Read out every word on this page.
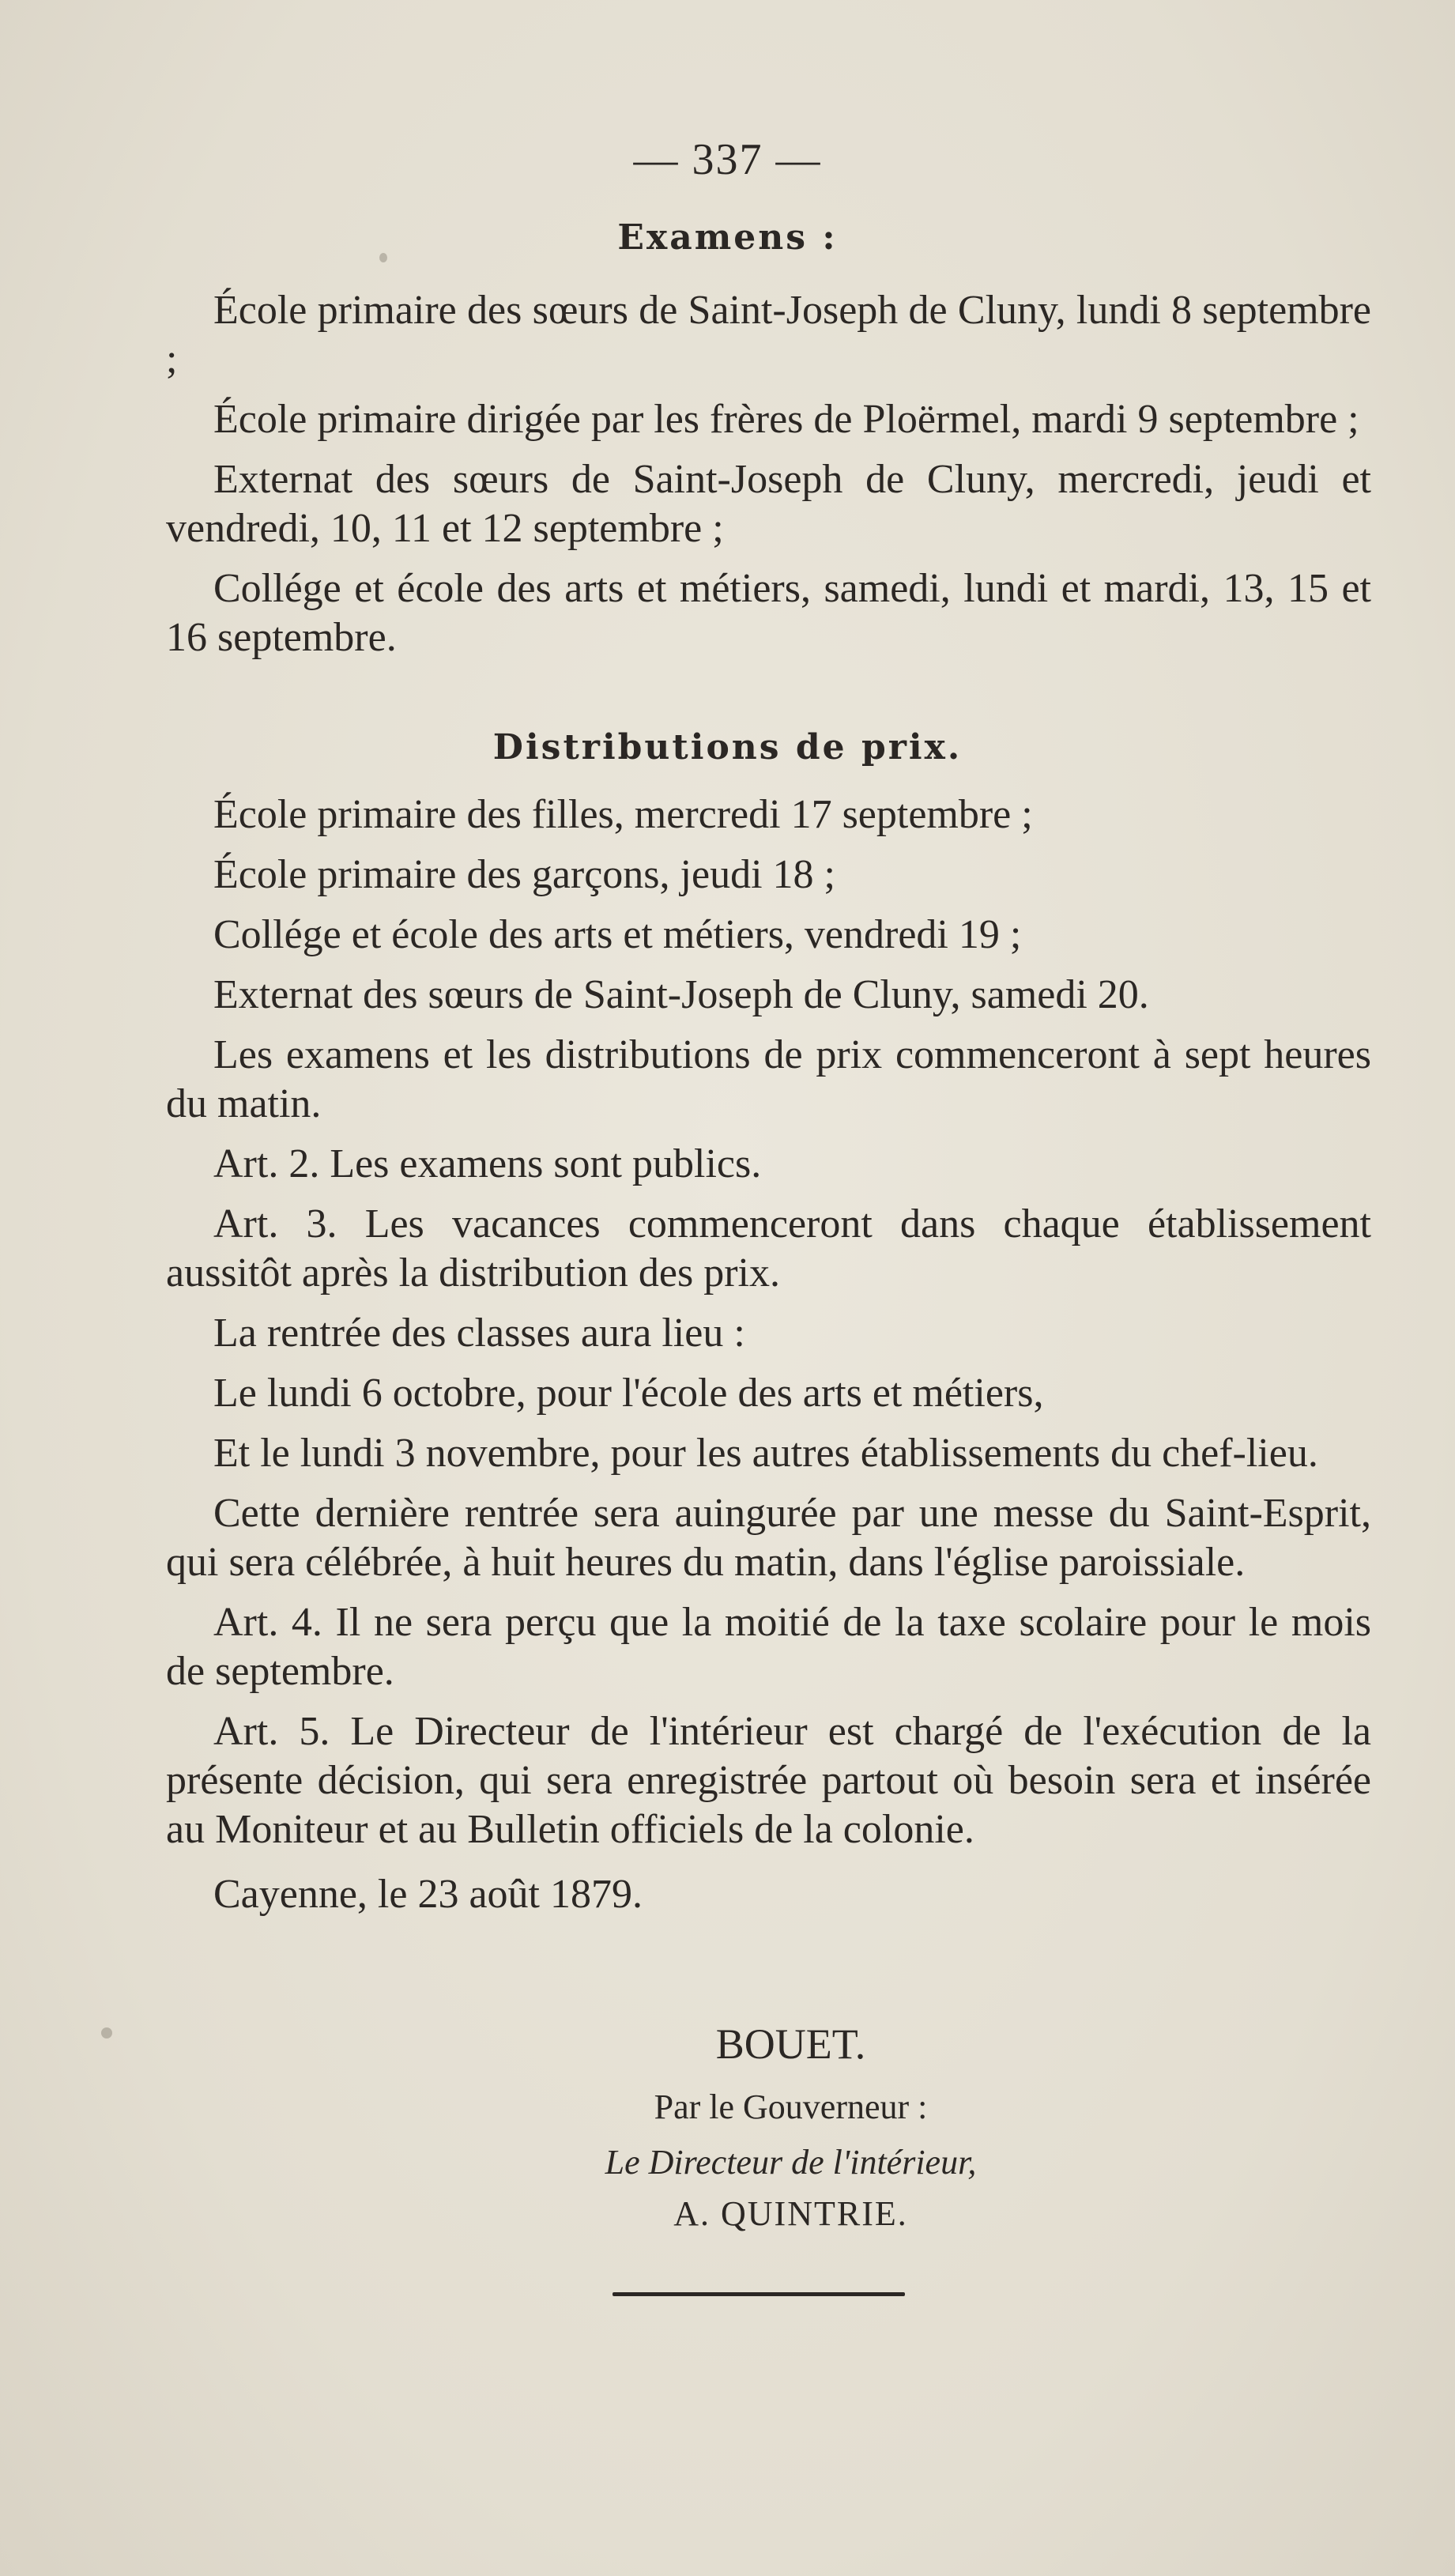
— 337 —

Examens :

École primaire des sœurs de Saint-Joseph de Cluny, lundi 8 septembre ;

École primaire dirigée par les frères de Ploërmel, mardi 9 septembre ;

Externat des sœurs de Saint-Joseph de Cluny, mercredi, jeudi et vendredi, 10, 11 et 12 septembre ;

Collége et école des arts et métiers, samedi, lundi et mardi, 13, 15 et 16 septembre.

Distributions de prix.

École primaire des filles, mercredi 17 septembre ;

École primaire des garçons, jeudi 18 ;

Collége et école des arts et métiers, vendredi 19 ;

Externat des sœurs de Saint-Joseph de Cluny, samedi 20.

Les examens et les distributions de prix commenceront à sept heures du matin.

Art. 2. Les examens sont publics.

Art. 3. Les vacances commenceront dans chaque établissement aussitôt après la distribution des prix.

La rentrée des classes aura lieu :

Le lundi 6 octobre, pour l'école des arts et métiers,

Et le lundi 3 novembre, pour les autres établissements du chef-lieu.

Cette dernière rentrée sera auingurée par une messe du Saint-Esprit, qui sera célébrée, à huit heures du matin, dans l'église paroissiale.

Art. 4. Il ne sera perçu que la moitié de la taxe scolaire pour le mois de septembre.

Art. 5. Le Directeur de l'intérieur est chargé de l'exécution de la présente décision, qui sera enregistrée partout où besoin sera et insérée au Moniteur et au Bulletin officiels de la colonie.

Cayenne, le 23 août 1879.

BOUET.
Par le Gouverneur :
Le Directeur de l'intérieur,
A. QUINTRIE.
